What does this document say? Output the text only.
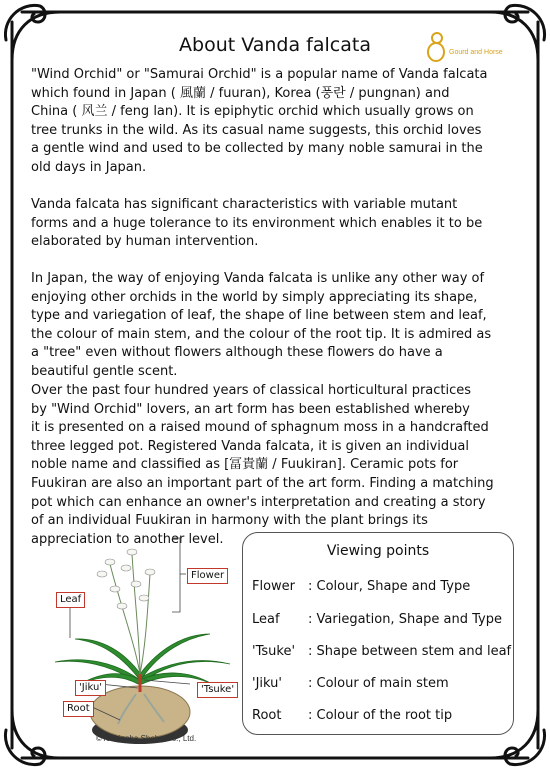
About Vanda falcata	Gourd and Horse

"Wind Orchid" or "Samurai Orchid" is a popular name of Vanda falcata
which found in Japan ( 風蘭 / fuuran), Korea (풍란 / pungnan) and
China ( 风兰 / feng lan). It is epiphytic orchid which usually grows on
tree trunks in the wild. As its casual name suggests, this orchid loves
a gentle wind and used to be collected by many noble samurai in the
old days in Japan.

Vanda falcata has significant characteristics with variable mutant
forms and a huge tolerance to its environment which enables it to be
elaborated by human intervention.

In Japan, the way of enjoying Vanda falcata is unlike any other way of
enjoying other orchids in the world by simply appreciating its shape,
type and variegation of leaf, the shape of line between stem and leaf,
the colour of main stem, and the colour of the root tip. It is admired as
a "tree" even without flowers although these flowers do have a
beautiful gentle scent.

Over the past four hundred years of classical horticultural practices
by "Wind Orchid" lovers, an art form has been established whereby
it is presented on a raised mound of sphagnum moss in a handcrafted
three legged pot. Registered Vanda falcata, it is given an individual
noble name and classified as [冨貴蘭 / Fuukiran]. Ceramic pots for
Fuukiran are also an important part of the art form. Finding a matching
pot which can enhance an owner's interpretation and creating a story
of an individual Fuukiran in harmony with the plant brings its
appreciation to another level.

Flower
Leaf
'Jiku'	'Tsuke'
Root
©Tochinoha Shobo Co., Ltd.
Viewing points
Flower : Colour, Shape and Type
Leaf : Variegation, Shape and Type
'Tsuke' : Shape between stem and leaf
'Jiku' : Colour of main stem
Root : Colour of the root tip
